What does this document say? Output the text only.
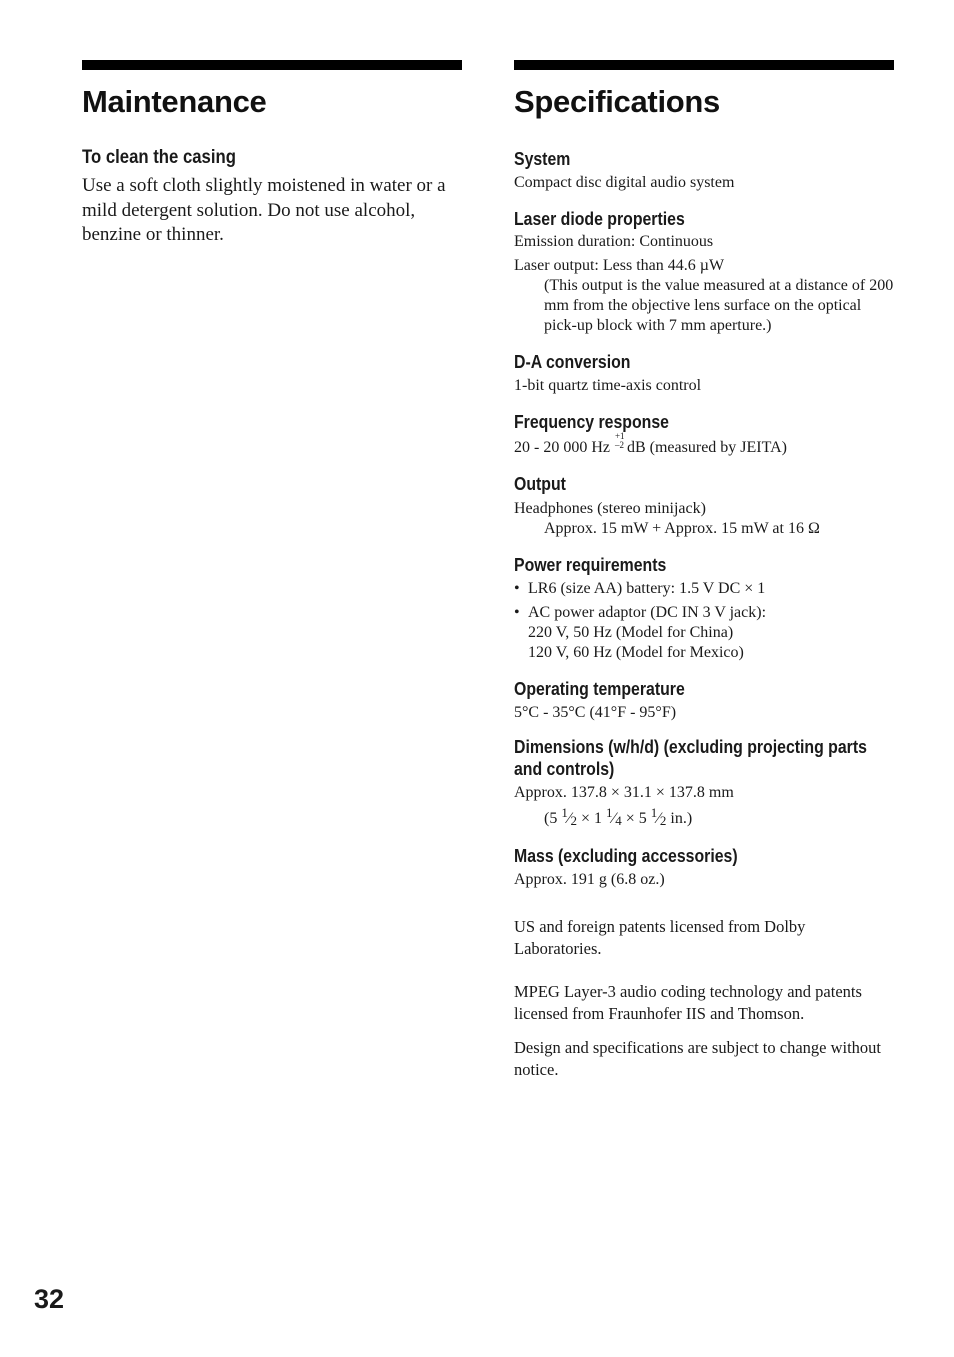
Maintenance
To clean the casing
Use a soft cloth slightly moistened in water or a mild detergent solution. Do not use alcohol, benzine or thinner.
Specifications
System
Compact disc digital audio system
Laser diode properties
Emission duration: Continuous
Laser output: Less than 44.6 µW
(This output is the value measured at a distance of 200 mm from the objective lens surface on the optical pick-up block with 7 mm aperture.)
D-A conversion
1-bit quartz time-axis control
Frequency response
20 - 20 000 Hz
+1
–2 dB (measured by JEITA)
Output
Headphones (stereo minijack)
Approx. 15 mW + Approx. 15 mW at 16 Ω
Power requirements
• LR6 (size AA) battery: 1.5 V DC × 1
• AC power adaptor (DC IN 3 V jack):
220 V, 50 Hz (Model for China)
120 V, 60 Hz (Model for Mexico)
Operating temperature
5°C - 35°C (41°F - 95°F)
Dimensions (w/h/d) (excluding projecting parts and controls)
Approx. 137.8 × 31.1 × 137.8 mm
(5 $^1$⁄2 × 1 $^1$⁄4 × 5 $^1$⁄2 in.)
Mass (excluding accessories)
Approx. 191 g (6.8 oz.)
US and foreign patents licensed from Dolby Laboratories.
MPEG Layer-3 audio coding technology and patents licensed from Fraunhofer IIS and Thomson.
Design and specifications are subject to change without notice.
32
